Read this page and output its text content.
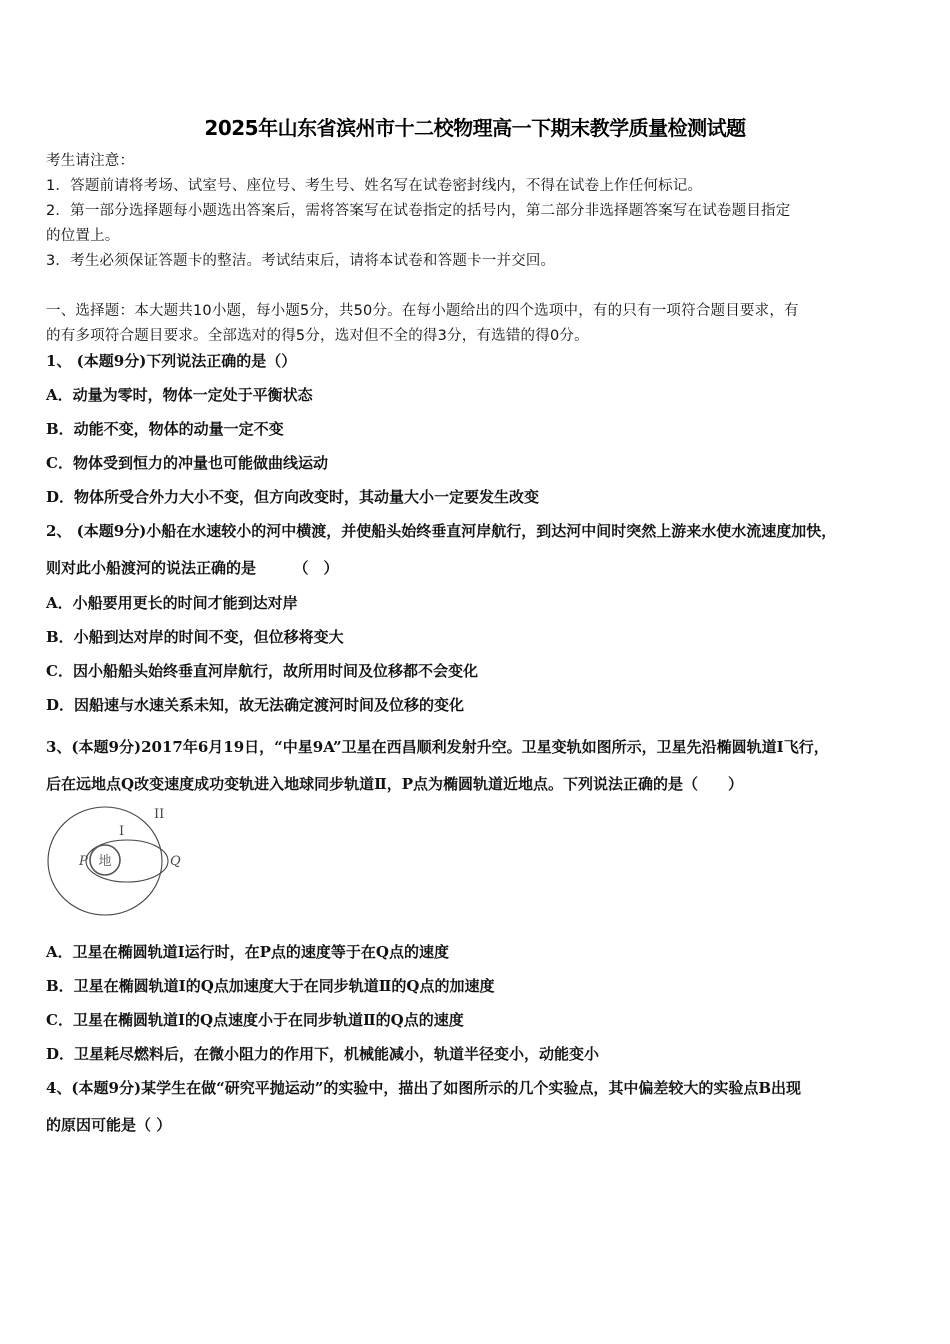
2025年山东省滨州市十二校物理高一下期末教学质量检测试题
考生请注意：
1．答题前请将考场、试室号、座位号、考生号、姓名写在试卷密封线内，不得在试卷上作任何标记。
2．第一部分选择题每小题选出答案后，需将答案写在试卷指定的括号内，第二部分非选择题答案写在试卷题目指定
的位置上。
3．考生必须保证答题卡的整洁。考试结束后，请将本试卷和答题卡一并交回。
一、选择题：本大题共10小题，每小题5分，共50分。在每小题给出的四个选项中，有的只有一项符合题目要求，有
的有多项符合题目要求。全部选对的得5分，选对但不全的得3分，有选错的得0分。
1、 (本题9分)下列说法正确的是（）
A．动量为零时，物体一定处于平衡状态
B．动能不变，物体的动量一定不变
C．物体受到恒力的冲量也可能做曲线运动
D．物体所受合外力大小不变，但方向改变时，其动量大小一定要发生改变
2、 (本题9分)小船在水速较小的河中横渡，并使船头始终垂直河岸航行，到达河中间时突然上游来水使水流速度加快，
则对此小船渡河的说法正确的是　　　（　）
A．小船要用更长的时间才能到达对岸
B．小船到达对岸的时间不变，但位移将变大
C．因小船船头始终垂直河岸航行，故所用时间及位移都不会变化
D．因船速与水速关系未知，故无法确定渡河时间及位移的变化
3、(本题9分)2017年6月19日，“中星9A”卫星在西昌顺利发射升空。卫星变轨如图所示，卫星先沿椭圆轨道Ⅰ飞行，
后在远地点Q改变速度成功变轨进入地球同步轨道Ⅱ，P点为椭圆轨道近地点。下列说法正确的是（　　）
地
P	Q
I
II
A．卫星在椭圆轨道Ⅰ运行时，在P点的速度等于在Q点的速度
B．卫星在椭圆轨道Ⅰ的Q点加速度大于在同步轨道Ⅱ的Q点的加速度
C．卫星在椭圆轨道Ⅰ的Q点速度小于在同步轨道Ⅱ的Q点的速度
D．卫星耗尽燃料后，在微小阻力的作用下，机械能减小，轨道半径变小，动能变小
4、(本题9分)某学生在做“研究平抛运动”的实验中，描出了如图所示的几个实验点，其中偏差较大的实验点B出现
的原因可能是（ ）
